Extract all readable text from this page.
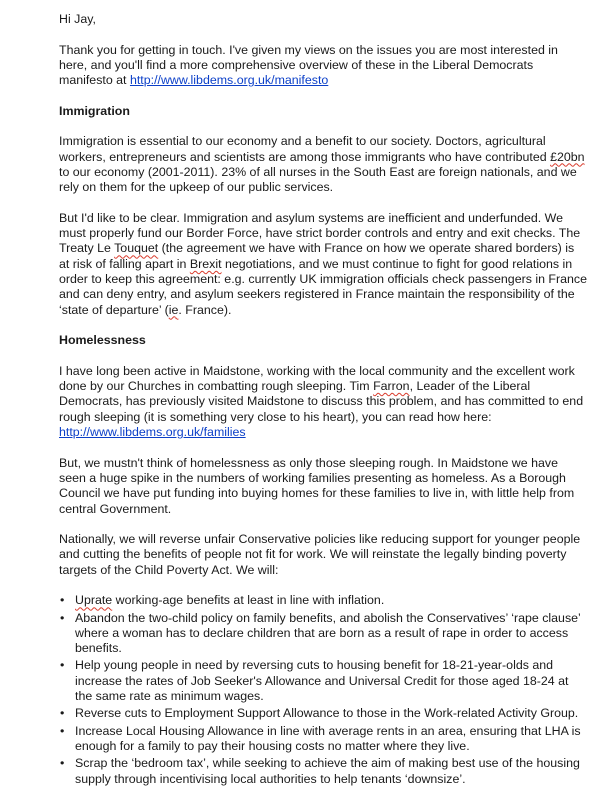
Hi Jay,

Thank you for getting in touch. I've given my views on the issues you are most interested in here, and you'll find a more comprehensive overview of these in the Liberal Democrats manifesto at http://www.libdems.org.uk/manifesto

Immigration

Immigration is essential to our economy and a benefit to our society. Doctors, agricultural workers, entrepreneurs and scientists are among those immigrants who have contributed £20bn to our economy (2001-2011). 23% of all nurses in the South East are foreign nationals, and we rely on them for the upkeep of our public services.

But I'd like to be clear. Immigration and asylum systems are inefficient and underfunded. We must properly fund our Border Force, have strict border controls and entry and exit checks. The Treaty Le Touquet (the agreement we have with France on how we operate shared borders) is at risk of falling apart in Brexit negotiations, and we must continue to fight for good relations in order to keep this agreement: e.g. currently UK immigration officials check passengers in France and can deny entry, and asylum seekers registered in France maintain the responsibility of the ‘state of departure’ (ie. France).

Homelessness

I have long been active in Maidstone, working with the local community and the excellent work done by our Churches in combatting rough sleeping. Tim Farron, Leader of the Liberal Democrats, has previously visited Maidstone to discuss this problem, and has committed to end rough sleeping (it is something very close to his heart), you can read how here: http://www.libdems.org.uk/families

But, we mustn't think of homelessness as only those sleeping rough. In Maidstone we have seen a huge spike in the numbers of working families presenting as homeless. As a Borough Council we have put funding into buying homes for these families to live in, with little help from central Government.

Nationally, we will reverse unfair Conservative policies like reducing support for younger people and cutting the benefits of people not fit for work. We will reinstate the legally binding poverty targets of the Child Poverty Act. We will:

• Uprate working-age benefits at least in line with inflation.
• Abandon the two-child policy on family benefits, and abolish the Conservatives’ ‘rape clause’ where a woman has to declare children that are born as a result of rape in order to access benefits.
• Help young people in need by reversing cuts to housing benefit for 18-21-year-olds and increase the rates of Job Seeker's Allowance and Universal Credit for those aged 18-24 at the same rate as minimum wages.
• Reverse cuts to Employment Support Allowance to those in the Work-related Activity Group.
• Increase Local Housing Allowance in line with average rents in an area, ensuring that LHA is enough for a family to pay their housing costs no matter where they live.
• Scrap the ‘bedroom tax’, while seeking to achieve the aim of making best use of the housing supply through incentivising local authorities to help tenants ‘downsize’.
